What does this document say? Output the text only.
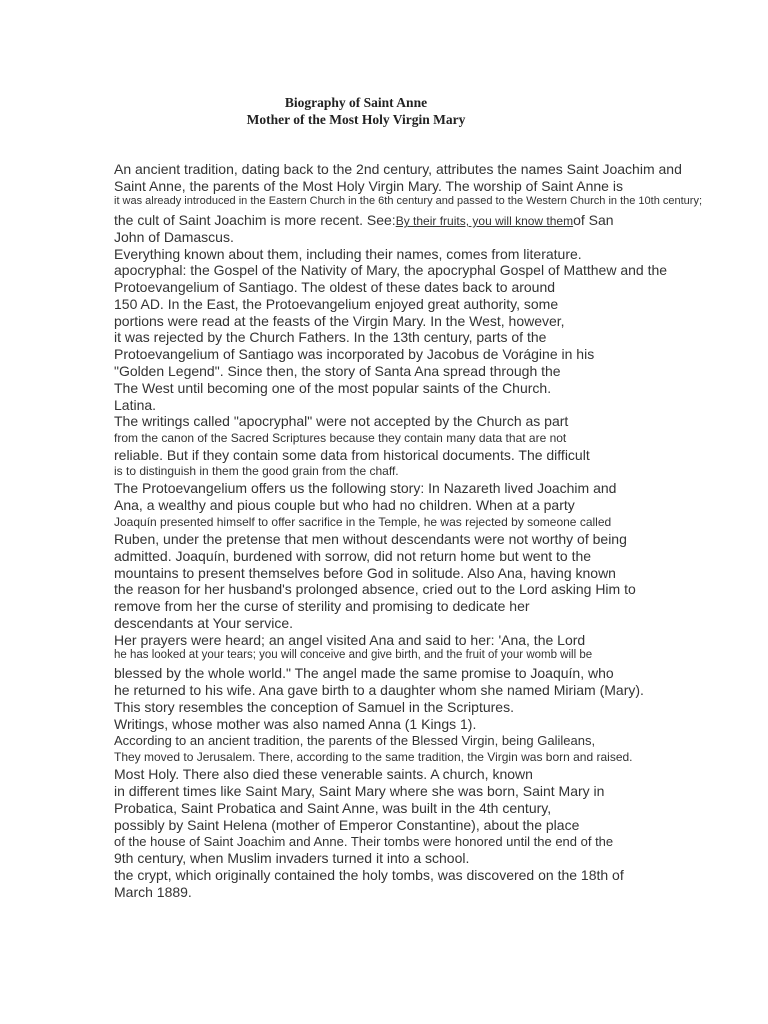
Biography of Saint Anne
Mother of the Most Holy Virgin Mary
An ancient tradition, dating back to the 2nd century, attributes the names Saint Joachim and
Saint Anne, the parents of the Most Holy Virgin Mary. The worship of Saint Anne is
it was already introduced in the Eastern Church in the 6th century and passed to the Western Church in the 10th century;
the cult of Saint Joachim is more recent. See:By their fruits, you will know themof San
John of Damascus.
Everything known about them, including their names, comes from literature.
apocryphal: the Gospel of the Nativity of Mary, the apocryphal Gospel of Matthew and the
Protoevangelium of Santiago. The oldest of these dates back to around
150 AD. In the East, the Protoevangelium enjoyed great authority, some
portions were read at the feasts of the Virgin Mary. In the West, however,
it was rejected by the Church Fathers. In the 13th century, parts of the
Protoevangelium of Santiago was incorporated by Jacobus de Vorágine in his
"Golden Legend". Since then, the story of Santa Ana spread through the
The West until becoming one of the most popular saints of the Church.
Latina.
The writings called "apocryphal" were not accepted by the Church as part
from the canon of the Sacred Scriptures because they contain many data that are not
reliable. But if they contain some data from historical documents. The difficult
is to distinguish in them the good grain from the chaff.
The Protoevangelium offers us the following story: In Nazareth lived Joachim and
Ana, a wealthy and pious couple but who had no children. When at a party
Joaquín presented himself to offer sacrifice in the Temple, he was rejected by someone called
Ruben, under the pretense that men without descendants were not worthy of being
admitted. Joaquín, burdened with sorrow, did not return home but went to the
mountains to present themselves before God in solitude. Also Ana, having known
the reason for her husband's prolonged absence, cried out to the Lord asking Him to
remove from her the curse of sterility and promising to dedicate her
descendants at Your service.
Her prayers were heard; an angel visited Ana and said to her: 'Ana, the Lord
he has looked at your tears; you will conceive and give birth, and the fruit of your womb will be
blessed by the whole world." The angel made the same promise to Joaquín, who
he returned to his wife. Ana gave birth to a daughter whom she named Miriam (Mary).
This story resembles the conception of Samuel in the Scriptures.
Writings, whose mother was also named Anna (1 Kings 1).
According to an ancient tradition, the parents of the Blessed Virgin, being Galileans,
They moved to Jerusalem. There, according to the same tradition, the Virgin was born and raised.
Most Holy. There also died these venerable saints. A church, known
in different times like Saint Mary, Saint Mary where she was born, Saint Mary in
Probatica, Saint Probatica and Saint Anne, was built in the 4th century,
possibly by Saint Helena (mother of Emperor Constantine), about the place
of the house of Saint Joachim and Anne. Their tombs were honored until the end of the
9th century, when Muslim invaders turned it into a school.
the crypt, which originally contained the holy tombs, was discovered on the 18th of
March 1889.
